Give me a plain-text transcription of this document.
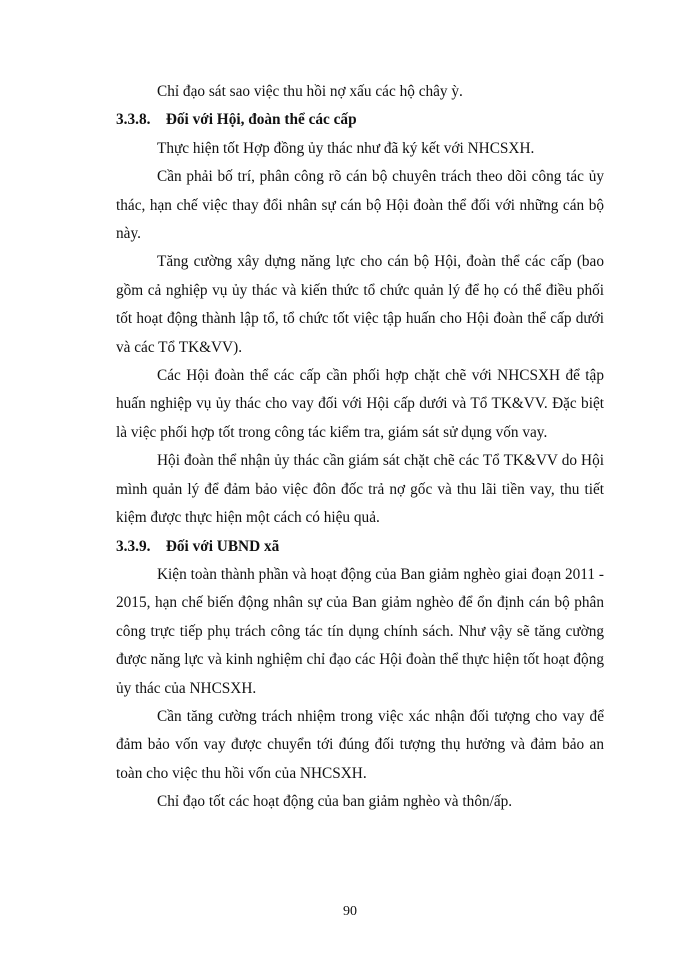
Chỉ đạo sát sao việc thu hồi nợ xấu các hộ chây ỳ.

3.3.8. Đối với Hội, đoàn thể các cấp

Thực hiện tốt Hợp đồng ủy thác như đã ký kết với NHCSXH.

Cần phải bố trí, phân công rõ cán bộ chuyên trách theo dõi công tác ủy thác, hạn chế việc thay đổi nhân sự cán bộ Hội đoàn thể đối với những cán bộ này.

Tăng cường xây dựng năng lực cho cán bộ Hội, đoàn thể các cấp (bao gồm cả nghiệp vụ ủy thác và kiến thức tổ chức quản lý để họ có thể điều phối tốt hoạt động thành lập tổ, tổ chức tốt việc tập huấn cho Hội đoàn thể cấp dưới và các Tổ TK&VV).

Các Hội đoàn thể các cấp cần phối hợp chặt chẽ với NHCSXH để tập huấn nghiệp vụ ủy thác cho vay đối với Hội cấp dưới và Tổ TK&VV. Đặc biệt là việc phối hợp tốt trong công tác kiểm tra, giám sát sử dụng vốn vay.

Hội đoàn thể nhận ủy thác cần giám sát chặt chẽ các Tổ TK&VV do Hội mình quản lý để đảm bảo việc đôn đốc trả nợ gốc và thu lãi tiền vay, thu tiết kiệm được thực hiện một cách có hiệu quả.

3.3.9. Đối với UBND xã

Kiện toàn thành phần và hoạt động của Ban giảm nghèo giai đoạn 2011 - 2015, hạn chế biến động nhân sự của Ban giảm nghèo để ổn định cán bộ phân công trực tiếp phụ trách công tác tín dụng chính sách. Như vậy sẽ tăng cường được năng lực và kinh nghiệm chỉ đạo các Hội đoàn thể thực hiện tốt hoạt động ủy thác của NHCSXH.

Cần tăng cường trách nhiệm trong việc xác nhận đối tượng cho vay để đảm bảo vốn vay được chuyển tới đúng đối tượng thụ hưởng và đảm bảo an toàn cho việc thu hồi vốn của NHCSXH.

Chỉ đạo tốt các hoạt động của ban giảm nghèo và thôn/ấp.

90
